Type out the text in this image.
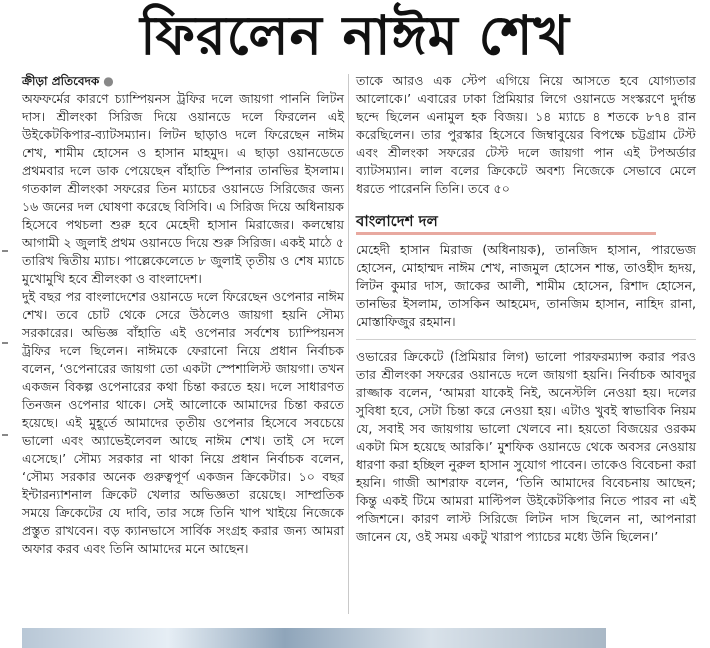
ফিরলেন নাঈম শেখ
ক্রীড়া প্রতিবেদক ●

অফফর্মের কারণে চ্যাম্পিয়নস ট্রফির দলে জায়গা পাননি লিটন দাস। শ্রীলংকা সিরিজ দিয়ে ওয়ানডে দলে ফিরলেন এই উইকেটকিপার-ব্যাটসম্যান। লিটন ছাড়াও দলে ফিরেছেন নাঈম শেখ, শামীম হোসেন ও হাসান মাহমুদ। এ ছাড়া ওয়ানডেতে প্রথমবার দলে ডাক পেয়েছেন বাঁহাতি স্পিনার তানভির ইসলাম। গতকাল শ্রীলংকা সফরের তিন ম্যাচের ওয়ানডে সিরিজের জন্য ১৬ জনের দল ঘোষণা করেছে বিসিবি। এ সিরিজ দিয়ে অধিনায়ক হিসেবে পথচলা শুরু হবে মেহেদী হাসান মিরাজের। কলম্বোয় আগামী ২ জুলাই প্রথম ওয়ানডে দিয়ে শুরু সিরিজ। একই মাঠে ৫ তারিখ দ্বিতীয় ম্যাচ। পাল্লেকেলেতে ৮ জুলাই তৃতীয় ও শেষ ম্যাচে মুখোমুখি হবে শ্রীলংকা ও বাংলাদেশ।

দুই বছর পর বাংলাদেশের ওয়ানডে দলে ফিরেছেন ওপেনার নাঈম শেখ। তবে চোট থেকে সেরে উঠলেও জায়গা হয়নি সৌম্য সরকারের। অভিজ্ঞ বাঁহাতি এই ওপেনার সর্বশেষ চ্যাম্পিয়নস ট্রফির দলে ছিলেন। নাঈমকে ফেরানো নিয়ে প্রধান নির্বাচক বলেন, ‘ওপেনারের জায়গা তো একটা স্পেশালিস্ট জায়গা। তখন একজন বিকল্প ওপেনারের কথা চিন্তা করতে হয়। দলে সাধারণত তিনজন ওপেনার থাকে। সেই আলোকে আমাদের চিন্তা করতে হয়েছে। এই মুহূর্তে আমাদের তৃতীয় ওপেনার হিসেবে সবচেয়ে ভালো এবং অ্যাভেইলেবল আছে নাঈম শেখ। তাই সে দলে এসেছে।’ সৌম্য সরকার না থাকা নিয়ে প্রধান নির্বাচক বলেন, ‘সৌম্য সরকার অনেক গুরুত্বপূর্ণ একজন ক্রিকেটার। ১০ বছর ইন্টারন্যাশনাল ক্রিকেট খেলার অভিজ্ঞতা রয়েছে। সাম্প্রতিক সময়ে ক্রিকেটের যে দাবি, তার সঙ্গে তিনি খাপ খাইয়ে নিজেকে প্রস্তুত রাখবেন। বড় ক্যানভাসে সার্বিক সংগ্রহ করার জন্য আমরা অফার করব এবং তিনি আমাদের মনে আছেন।

তাকে আরও এক স্টেপ এগিয়ে নিয়ে আসতে হবে যোগ্যতার আলোকে।’ এবারের ঢাকা প্রিমিয়ার লিগে ওয়ানডে সংস্করণে দুর্দান্ত ছন্দে ছিলেন এনামুল হক বিজয়। ১৪ ম্যাচে ৪ শতকে ৮৭৪ রান করেছিলেন। তার পুরস্কার হিসেবে জিম্বাবুয়ের বিপক্ষে চট্টগ্রাম টেস্ট এবং শ্রীলংকা সফরের টেস্ট দলে জায়গা পান এই টপঅর্ডার ব্যাটসম্যান। লাল বলের ক্রিকেটে অবশ্য নিজেকে সেভাবে মেলে ধরতে পারেননি তিনি। তবে ৫০

বাংলাদেশ দল

মেহেদী হাসান মিরাজ (অধিনায়ক), তানজিদ হাসান, পারভেজ হোসেন, মোহাম্মদ নাঈম শেখ, নাজমুল হোসেন শান্ত, তাওহীদ হৃদয়, লিটন কুমার দাস, জাকের আলী, শামীম হোসেন, রিশাদ হোসেন, তানভির ইসলাম, তাসকিন আহমেদ, তানজিম হাসান, নাহিদ রানা, মোস্তাফিজুর রহমান।

ওভারের ক্রিকেটে (প্রিমিয়ার লিগ) ভালো পারফরম্যান্স করার পরও তার শ্রীলংকা সফরের ওয়ানডে দলে জায়গা হয়নি। নির্বাচক আবদুর রাজ্জাক বলেন, ‘আমরা যাকেই নিই, অনেস্টলি নেওয়া হয়। দলের সুবিধা হবে, সেটা চিন্তা করে নেওয়া হয়। এটাও খুবই স্বাভাবিক নিয়ম যে, সবাই সব জায়গায় ভালো খেলবে না। হয়তো বিজয়ের ওরকম একটা মিস হয়েছে আরকি।’ মুশফিক ওয়ানডে থেকে অবসর নেওয়ায় ধারণা করা হচ্ছিল নুরুল হাসান সুযোগ পাবেন। তাকেও বিবেচনা করা হয়নি। গাজী আশরাফ বলেন, ‘তিনি আমাদের বিবেচনায় আছেন; কিন্তু একই টিমে আমরা মাল্টিপল উইকেটকিপার নিতে পারব না এই পজিশনে। কারণ লাস্ট সিরিজে লিটন দাস ছিলেন না, আপনারা জানেন যে, ওই সময় একটু খারাপ প্যাচের মধ্যে উনি ছিলেন।’
